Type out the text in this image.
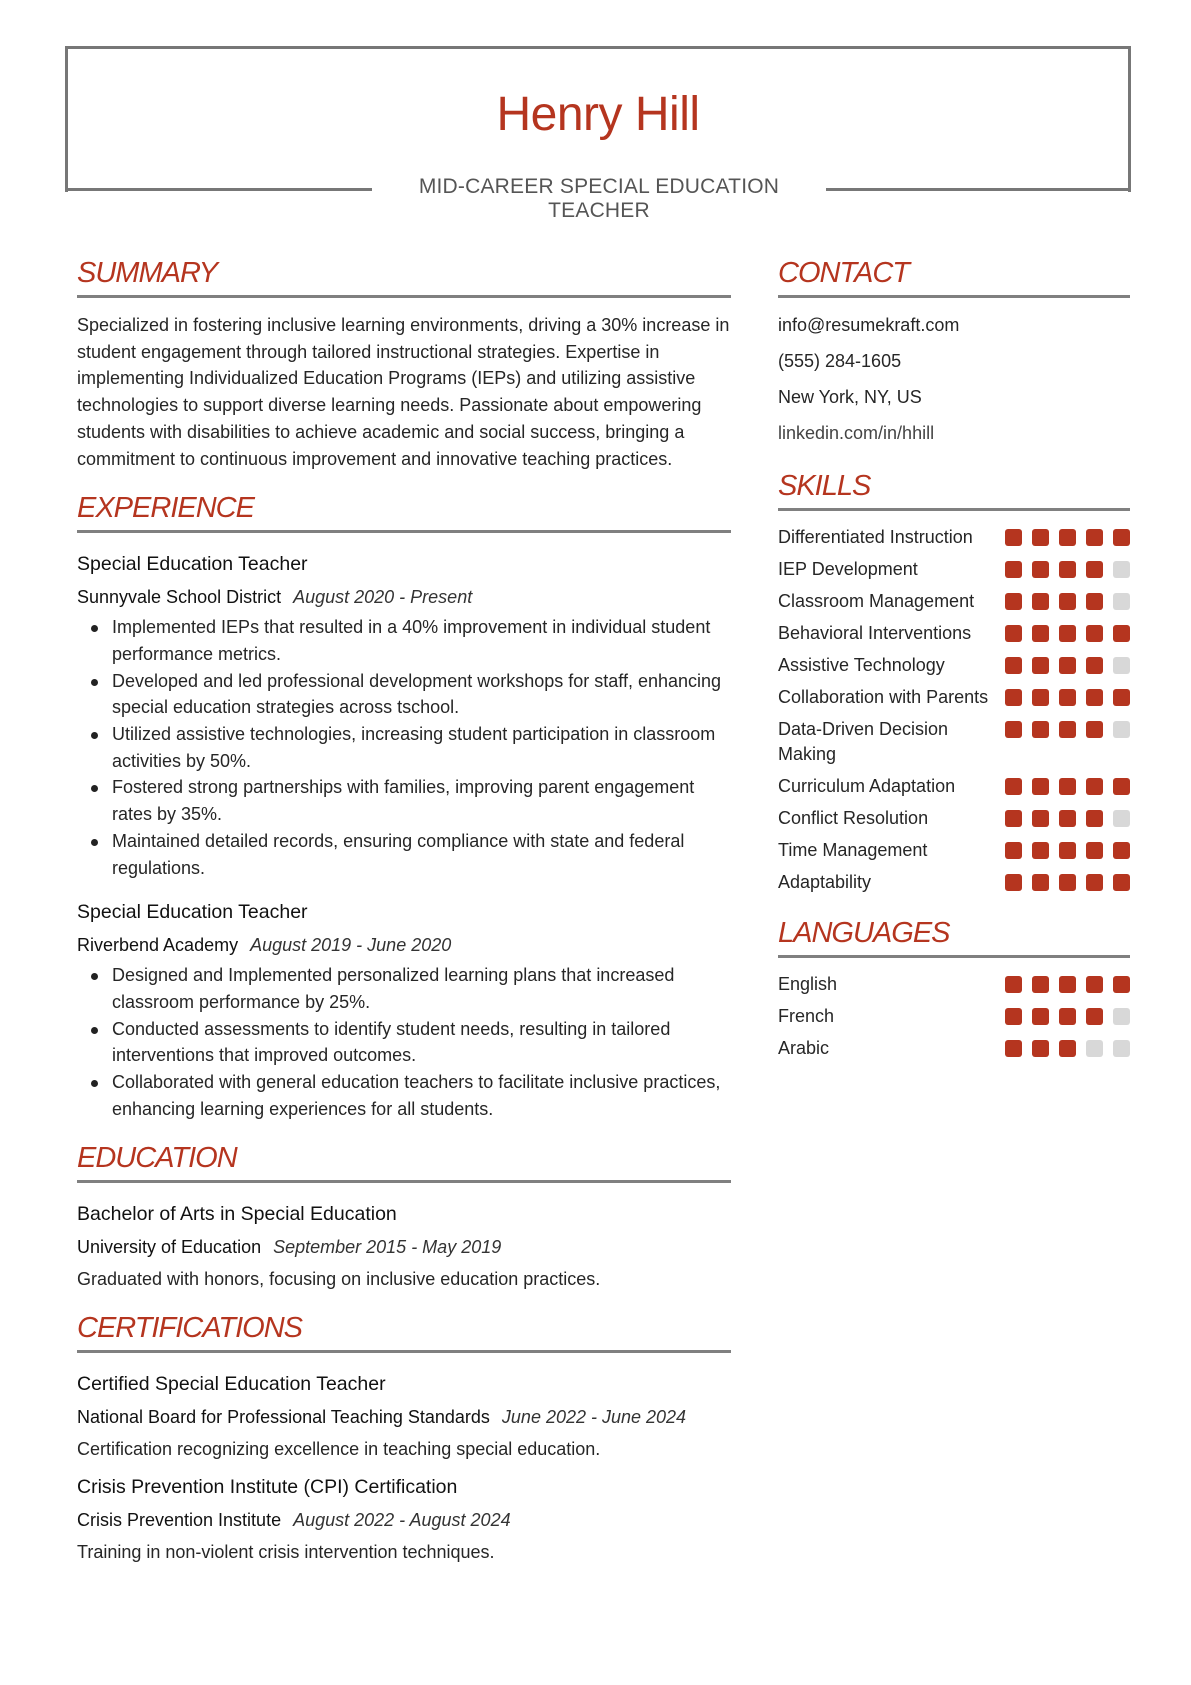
Henry Hill
MID-CAREER SPECIAL EDUCATION TEACHER
SUMMARY
Specialized in fostering inclusive learning environments, driving a 30% increase in student engagement through tailored instructional strategies. Expertise in implementing Individualized Education Programs (IEPs) and utilizing assistive technologies to support diverse learning needs. Passionate about empowering students with disabilities to achieve academic and social success, bringing a commitment to continuous improvement and innovative teaching practices.
EXPERIENCE
Special Education Teacher
Sunnyvale School District August 2020 - Present
Implemented IEPs that resulted in a 40% improvement in individual student performance metrics.
Developed and led professional development workshops for staff, enhancing special education strategies across tschool.
Utilized assistive technologies, increasing student participation in classroom activities by 50%.
Fostered strong partnerships with families, improving parent engagement rates by 35%.
Maintained detailed records, ensuring compliance with state and federal regulations.
Special Education Teacher
Riverbend Academy August 2019 - June 2020
Designed and Implemented personalized learning plans that increased classroom performance by 25%.
Conducted assessments to identify student needs, resulting in tailored interventions that improved outcomes.
Collaborated with general education teachers to facilitate inclusive practices, enhancing learning experiences for all students.
EDUCATION
Bachelor of Arts in Special Education
University of Education September 2015 - May 2019
Graduated with honors, focusing on inclusive education practices.
CERTIFICATIONS
Certified Special Education Teacher
National Board for Professional Teaching Standards June 2022 - June 2024
Certification recognizing excellence in teaching special education.
Crisis Prevention Institute (CPI) Certification
Crisis Prevention Institute August 2022 - August 2024
Training in non-violent crisis intervention techniques.
CONTACT
info@resumekraft.com
(555) 284-1605
New York, NY, US
linkedin.com/in/hhill
SKILLS
Differentiated Instruction
IEP Development
Classroom Management
Behavioral Interventions
Assistive Technology
Collaboration with Parents
Data-Driven Decision Making
Curriculum Adaptation
Conflict Resolution
Time Management
Adaptability
LANGUAGES
English
French
Arabic
